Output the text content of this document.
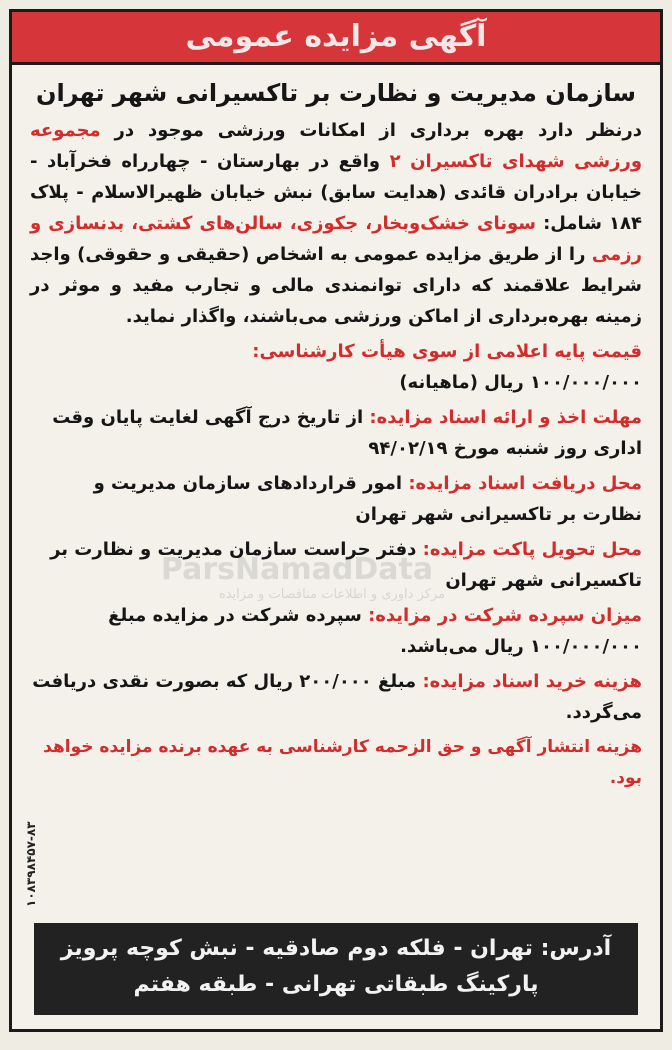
آگهی مزایده عمومی
سازمان مدیریت و نظارت بر تاکسیرانی شهر تهران
درنظر دارد بهره برداری از امکانات ورزشی موجود در مجموعه ورزشی شهدای تاکسیران ۲ واقع در بهارستان - چهارراه فخرآباد - خیابان برادران قائدی (هدایت سابق) نبش خیابان ظهیرالاسلام - پلاک ۱۸۴ شامل: سونای خشک‌وبخار، جکوزی، سالن‌های کشتی، بدنسازی و رزمی را از طریق مزایده عمومی به اشخاص (حقیقی و حقوقی) واجد شرایط علاقمند که دارای توانمندی مالی و تجارب مفید و موثر در زمینه بهره‌برداری از اماکن ورزشی می‌باشند، واگذار نماید.
قیمت پایه اعلامی از سوی هیأت کارشناسی:
۱۰۰/۰۰۰/۰۰۰ ریال (ماهیانه)
مهلت اخذ و ارائه اسناد مزایده: از تاریخ درج آگهی لغایت پایان وقت اداری روز شنبه مورخ ۹۴/۰۲/۱۹
محل دریافت اسناد مزایده: امور قراردادهای سازمان مدیریت و نظارت بر تاکسیرانی شهر تهران
محل تحویل پاکت مزایده: دفتر حراست سازمان مدیریت و نظارت بر تاکسیرانی شهر تهران
میزان سپرده شرکت در مزایده: سپرده شرکت در مزایده مبلغ ۱۰۰/۰۰۰/۰۰۰ ریال می‌باشد.
هزینه خرید اسناد مزایده: مبلغ ۲۰۰/۰۰۰ ریال که بصورت نقدی دریافت می‌گردد.
هزینه انتشار آگهی و حق الزحمه کارشناسی به عهده برنده مزایده خواهد بود.
ParsNamadData
مرکز داوری و اطلاعات مناقصات و مزایده
۱۰۸۳۹۸۴۵۷-۸۳
آدرس: تهران - فلکه دوم صادقیه - نبش کوچه پرویز
پارکینگ طبقاتی تهرانی - طبقه هفتم
